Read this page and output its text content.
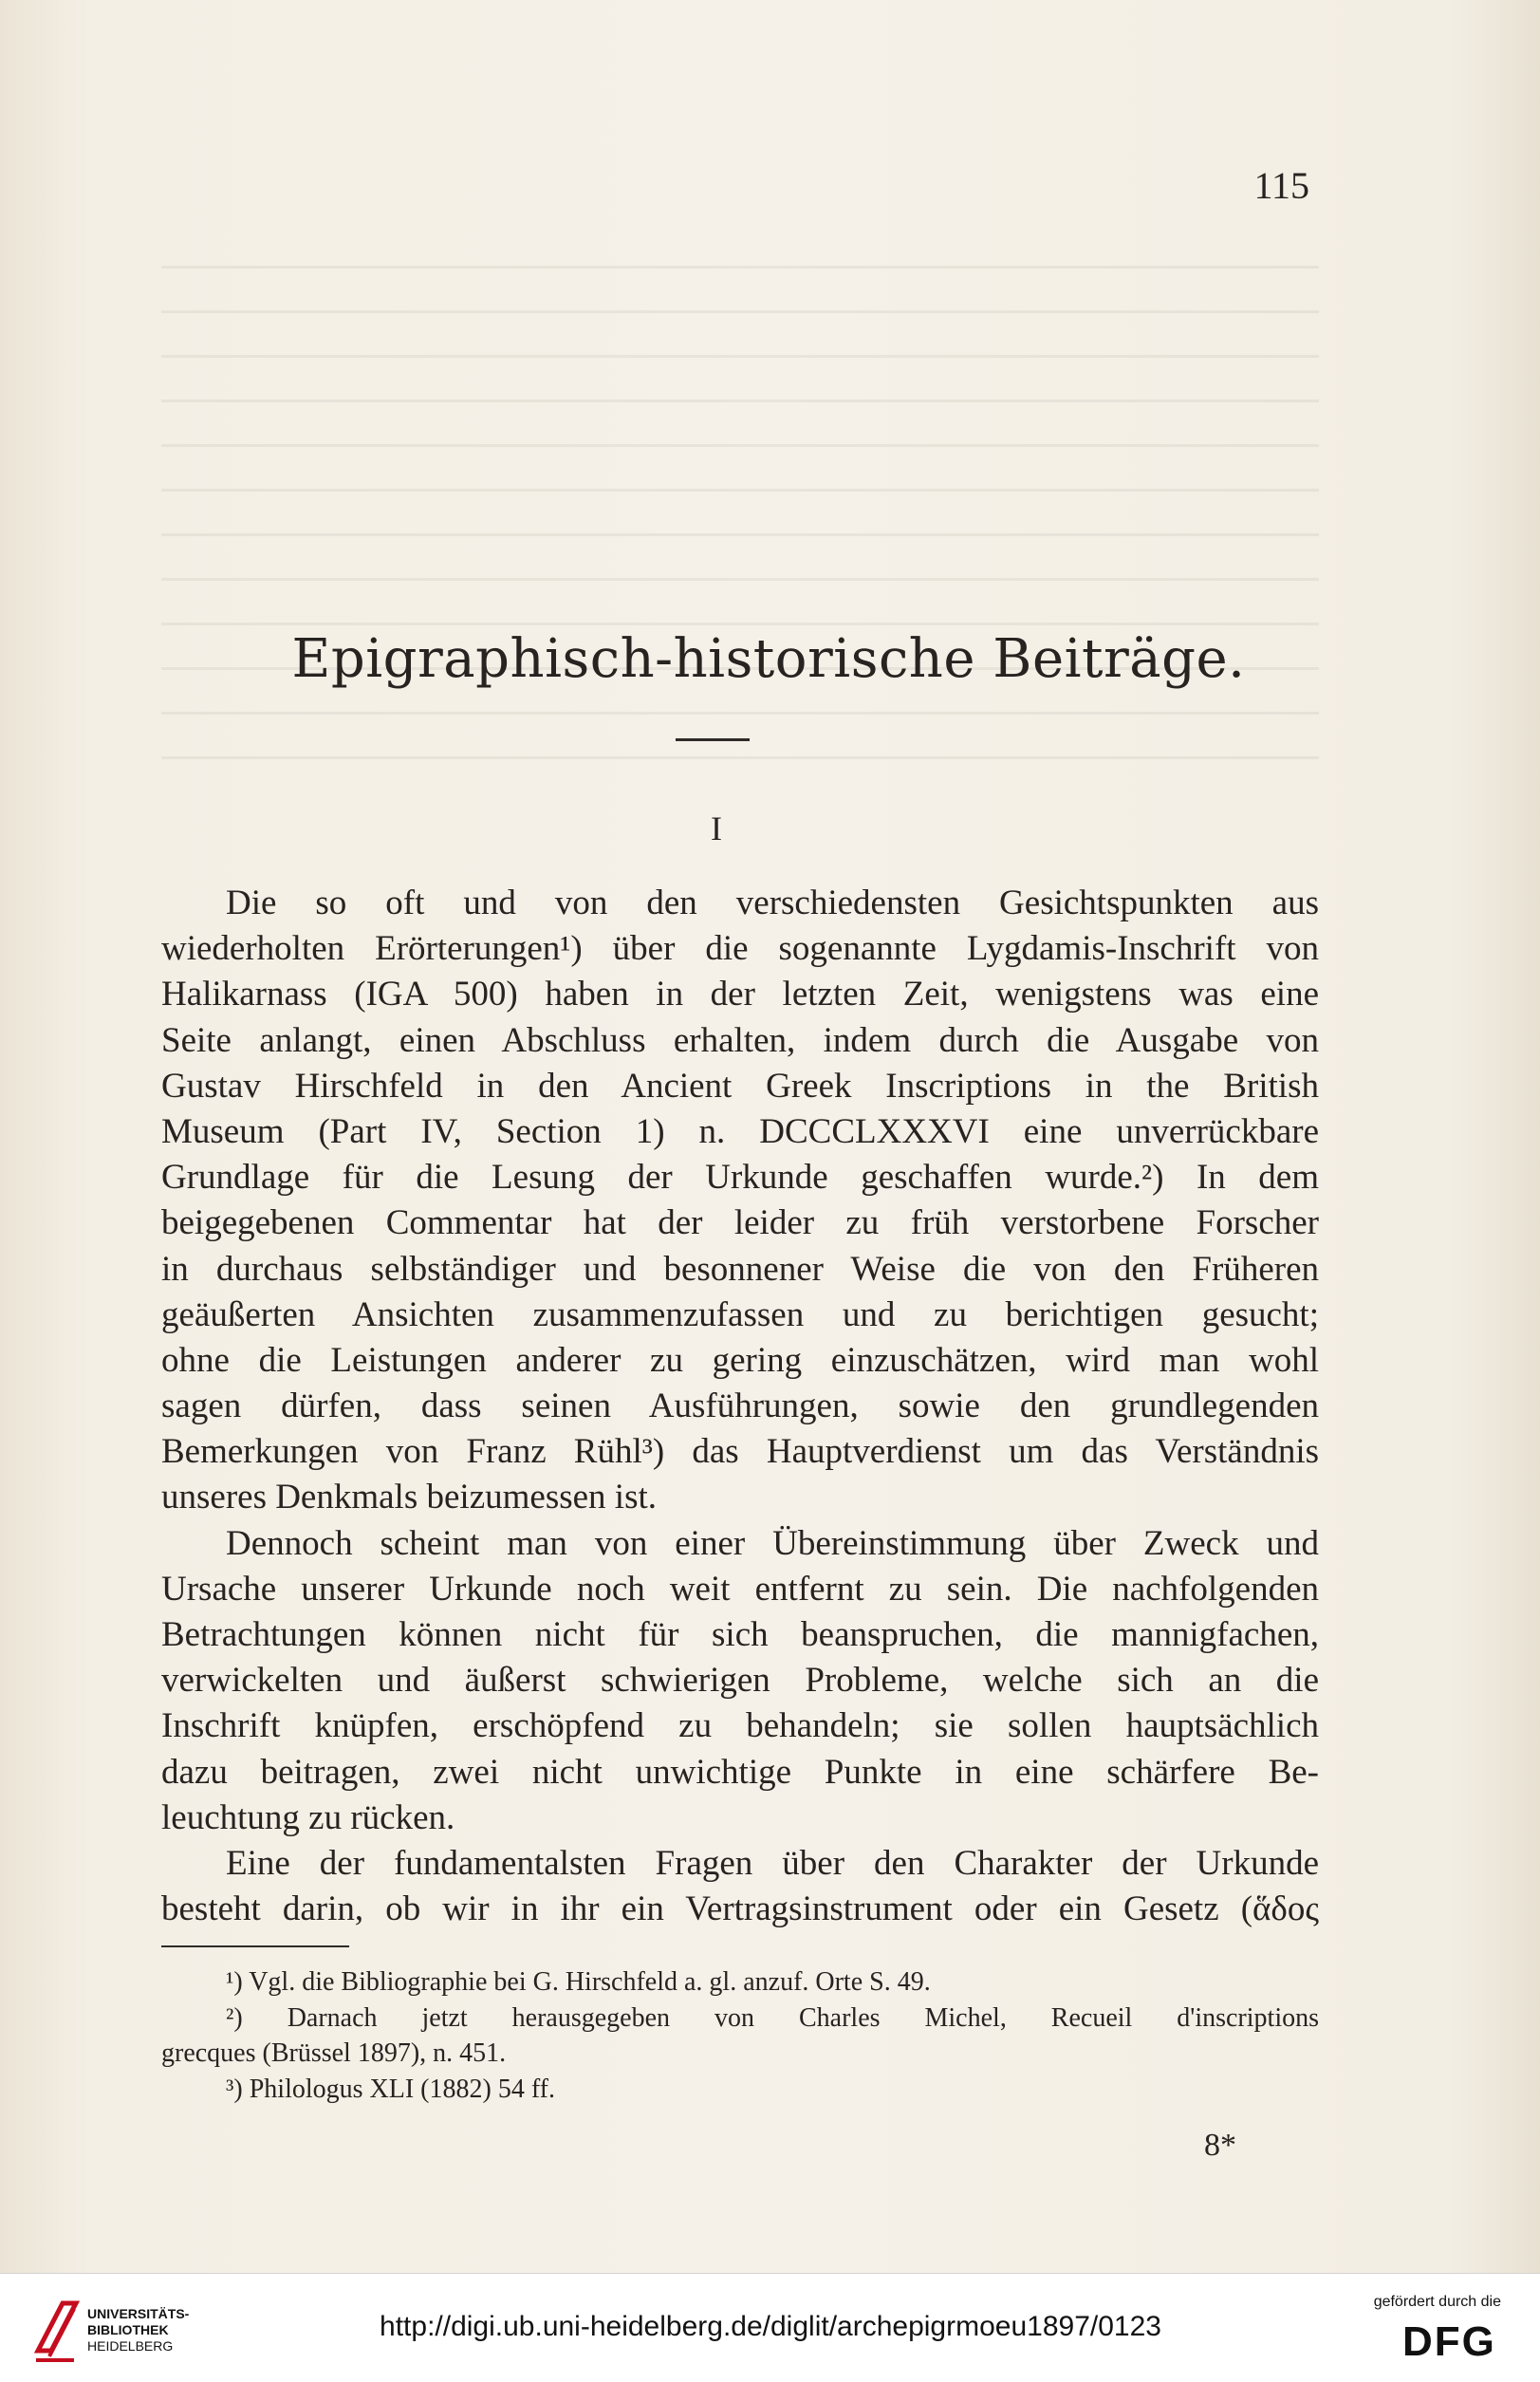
115
Epigraphisch-historische Beiträge.
I
Die so oft und von den verschiedensten Gesichtspunkten aus
wiederholten Erörterungen¹) über die sogenannte Lygdamis-Inschrift von
Halikarnass (IGA 500) haben in der letzten Zeit, wenigstens was eine
Seite anlangt, einen Abschluss erhalten, indem durch die Ausgabe von
Gustav Hirschfeld in den Ancient Greek Inscriptions in the British
Museum (Part IV, Section 1) n. DCCCLXXXVI eine unverrückbare
Grundlage für die Lesung der Urkunde geschaffen wurde.²) In dem
beigegebenen Commentar hat der leider zu früh verstorbene Forscher
in durchaus selbständiger und besonnener Weise die von den Früheren
geäußerten Ansichten zusammenzufassen und zu berichtigen gesucht;
ohne die Leistungen anderer zu gering einzuschätzen, wird man wohl
sagen dürfen, dass seinen Ausführungen, sowie den grundlegenden
Bemerkungen von Franz Rühl³) das Hauptverdienst um das Verständnis
unseres Denkmals beizumessen ist.
Dennoch scheint man von einer Übereinstimmung über Zweck und
Ursache unserer Urkunde noch weit entfernt zu sein. Die nachfolgenden
Betrachtungen können nicht für sich beanspruchen, die mannigfachen,
verwickelten und äußerst schwierigen Probleme, welche sich an die
Inschrift knüpfen, erschöpfend zu behandeln; sie sollen hauptsächlich
dazu beitragen, zwei nicht unwichtige Punkte in eine schärfere Be-
leuchtung zu rücken.
Eine der fundamentalsten Fragen über den Charakter der Urkunde
besteht darin, ob wir in ihr ein Vertragsinstrument oder ein Gesetz (ἅδος
¹) Vgl. die Bibliographie bei G. Hirschfeld a. gl. anzuf. Orte S. 49.
²) Darnach jetzt herausgegeben von Charles Michel, Recueil d'inscriptions
grecques (Brüssel 1897), n. 451.
³) Philologus XLI (1882) 54 ff.
8*
UNIVERSITÄTS-
BIBLIOTHEK
HEIDELBERG
http://digi.ub.uni-heidelberg.de/diglit/archepigrmoeu1897/0123
gefördert durch die
DFG
